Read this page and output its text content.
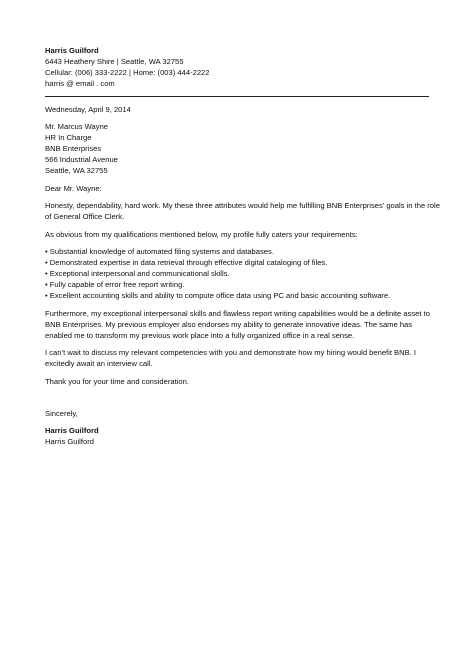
Harris Guilford

6443 Heathery Shire | Seattle, WA 32755

Cellular: (006) 333-2222 | Home: (003) 444-2222

harris @ email . com

Wednesday, April 9, 2014

Mr. Marcus Wayne

HR In Charge

BNB Enterprises

566 Industrial Avenue

Seattle, WA 32755

Dear Mr. Wayne:

Honesty, dependability, hard work. My these three attributes would help me fulfilling BNB Enterprises’ goals in the role of General Office Clerk.

As obvious from my qualifications mentioned below, my profile fully caters your requirements:

• Substantial knowledge of automated filing systems and databases.
• Demonstrated expertise in data retrieval through effective digital cataloging of files.
• Exceptional interpersonal and communicational skills.
• Fully capable of error free report writing.
• Excellent accounting skills and ability to compute office data using PC and basic accounting software.

Furthermore, my exceptional interpersonal skills and flawless report writing capabilities would be a definite asset to BNB Enterprises. My previous employer also endorses my ability to generate innovative ideas. The same has enabled me to transform my previous work place into a fully organized office in a real sense.

I can’t wait to discuss my relevant competencies with you and demonstrate how my hiring would benefit BNB. I excitedly await an interview call.

Thank you for your time and consideration.

Sincerely,

Harris Guilford

Harris Guilford
